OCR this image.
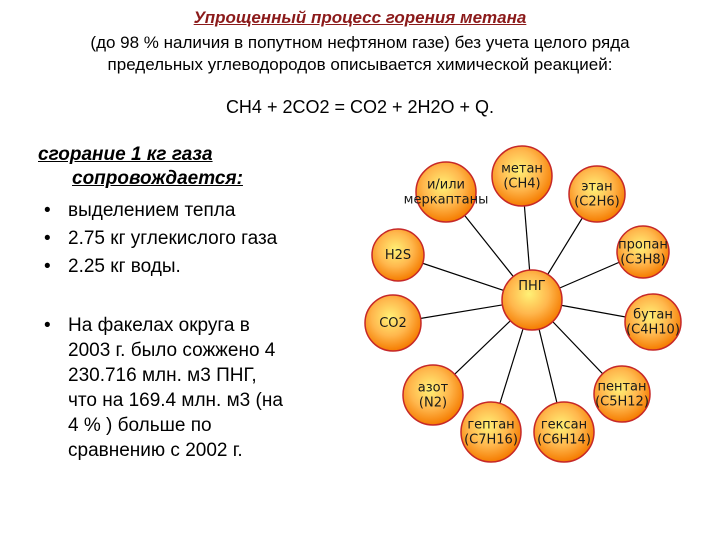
Упрощенный процесс горения метана
(до 98 % наличия в попутном нефтяном газе) без учета целого ряда
предельных углеводородов описывается химической реакцией:
CH4 + 2CO2 = CO2 + 2H2O + Q.
сгорание 1 кг газа
сопровождается:
• выделением тепла
• 2.75 кг углекислого газа
• 2.25 кг воды.
• На факелах округа в
2003 г. было сожжено 4
230.716 млн. м3 ПНГ,
что на 169.4 млн. м3 (на
4 % ) больше по
сравнению с 2002 г.
метан
(CH4)	этан
(C2H6)
пропан
(C3H8)
бутан
(C4H10)
пентан
(C5H12)
гексан
(C6H14)
гептан
(C7H16)
азот
(N2)
CO2
H2S
и/или
меркаптаны
ПНГ
